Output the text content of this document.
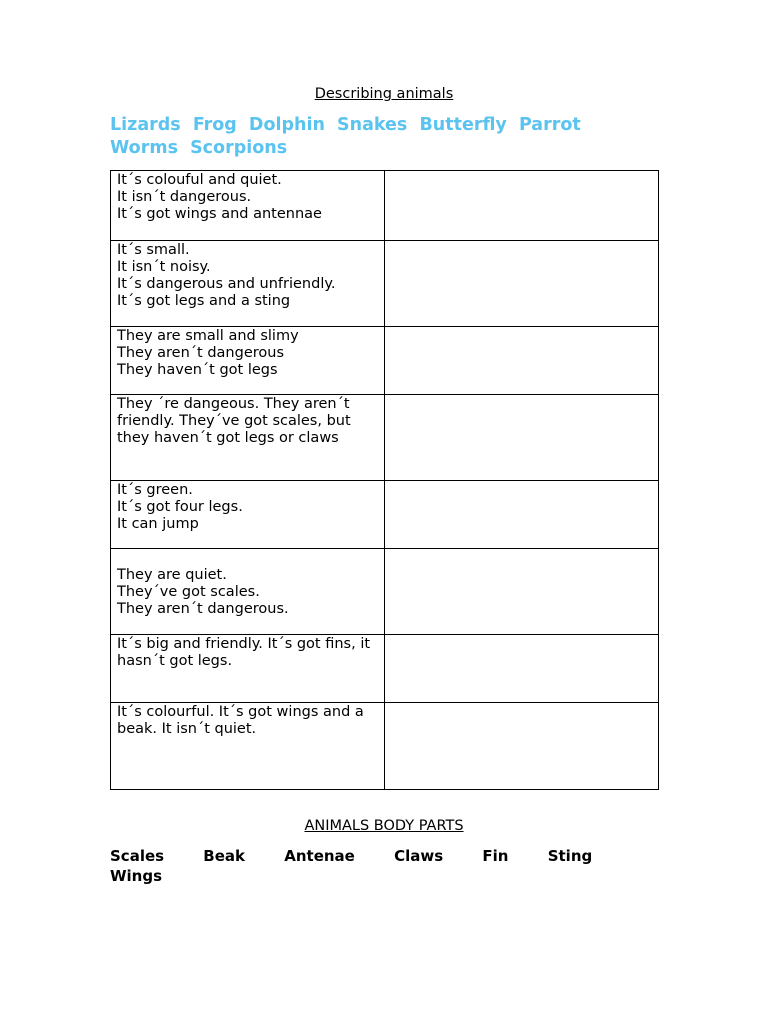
Describing animals
Lizards Frog Dolphin Snakes Butterfly Parrot Worms Scorpions
It´s colouful and quiet.
It isn´t dangerous.
It´s got wings and antennae	

It´s small.
It isn´t noisy.
It´s dangerous and unfriendly.
It´s got legs and a sting	

They are small and slimy
They aren´t dangerous
They haven´t got legs	

They ´re dangeous. They aren´t friendly. They´ve got scales, but they haven´t got legs or claws	

It´s green.
It´s got four legs.
It can jump	

They are quiet.
They´ve got scales.
They aren´t dangerous.	

It´s big and friendly. It´s got fins, it hasn´t got legs.	

It´s colourful. It´s got wings and a beak. It isn´t quiet.	

ANIMALS BODY PARTS
Scales	Beak	Antenae	Claws	Fin	Sting Wings
